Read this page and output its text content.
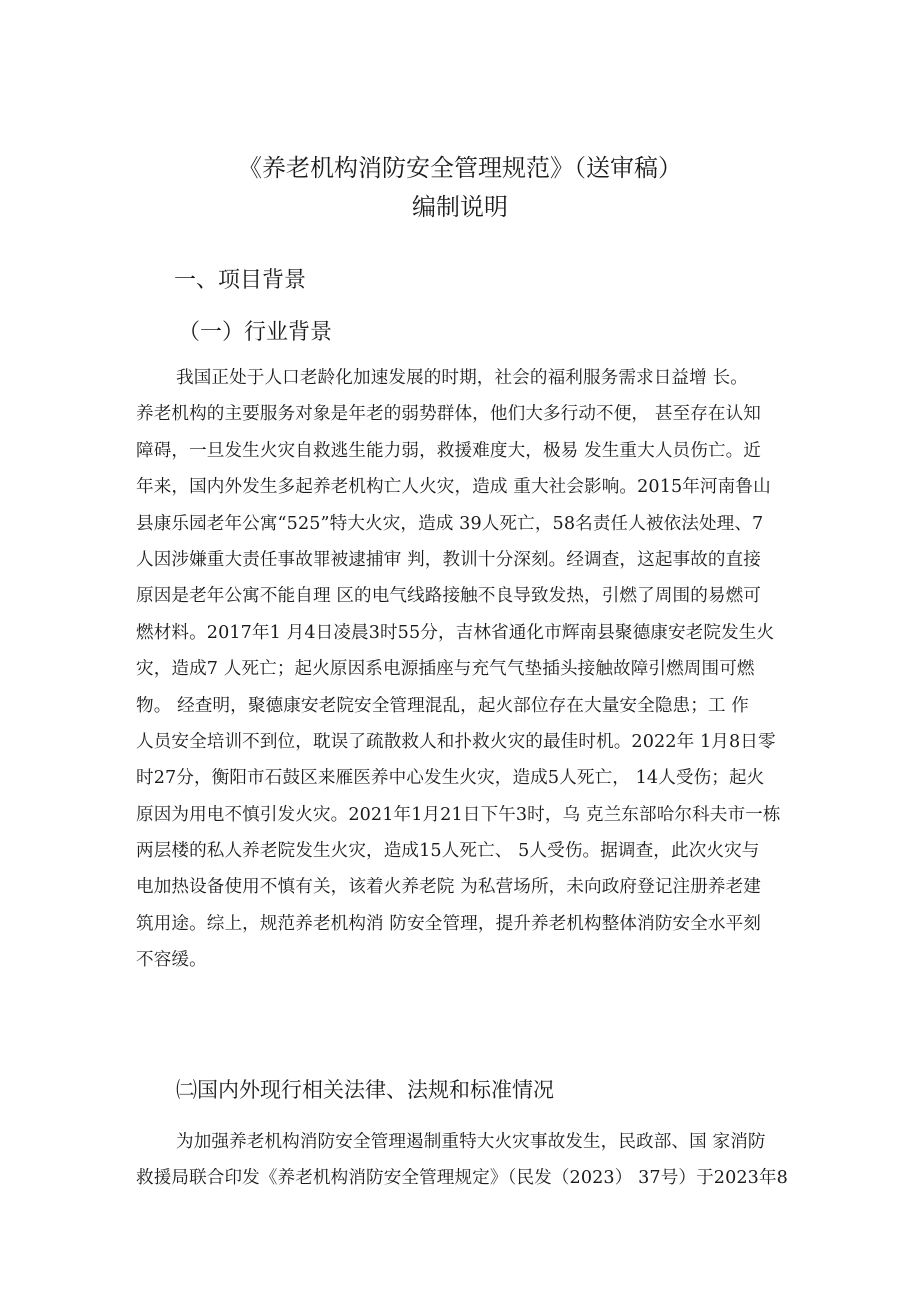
《养老机构消防安全管理规范》（送审稿）
编制说明
一、项目背景
（一）行业背景
我国正处于人口老龄化加速发展的时期，社会的福利服务需求日益增 长。
养老机构的主要服务对象是年老的弱势群体，他们大多行动不便， 甚至存在认知
障碍，一旦发生火灾自救逃生能力弱，救援难度大，极易 发生重大人员伤亡。近
年来，国内外发生多起养老机构亡人火灾，造成 重大社会影响。2015年河南鲁山
县康乐园老年公寓“525”特大火灾，造成 39人死亡，58名责任人被依法处理、7
人因涉嫌重大责任事故罪被逮捕审 判，教训十分深刻。经调查，这起事故的直接
原因是老年公寓不能自理 区的电气线路接触不良导致发热，引燃了周围的易燃可
燃材料。2017年1 月4日凌晨3时55分，吉林省通化市辉南县聚德康安老院发生火
灾，造成7 人死亡；起火原因系电源插座与充气气垫插头接触故障引燃周围可燃
物。 经查明，聚德康安老院安全管理混乱，起火部位存在大量安全隐患；工 作
人员安全培训不到位，耽误了疏散救人和扑救火灾的最佳时机。2022年 1月8日零
时27分，衡阳市石鼓区来雁医养中心发生火灾，造成5人死亡， 14人受伤；起火
原因为用电不慎引发火灾。2021年1月21日下午3时，乌 克兰东部哈尔科夫市一栋
两层楼的私人养老院发生火灾，造成15人死亡、 5人受伤。据调查，此次火灾与
电加热设备使用不慎有关，该着火养老院 为私营场所，未向政府登记注册养老建
筑用途。综上，规范养老机构消 防安全管理，提升养老机构整体消防安全水平刻
不容缓。
㈡国内外现行相关法律、法规和标准情况
为加强养老机构消防安全管理遏制重特大火灾事故发生，民政部、国 家消防
救援局联合印发《养老机构消防安全管理规定》（民发（2023） 37号）于2023年8
